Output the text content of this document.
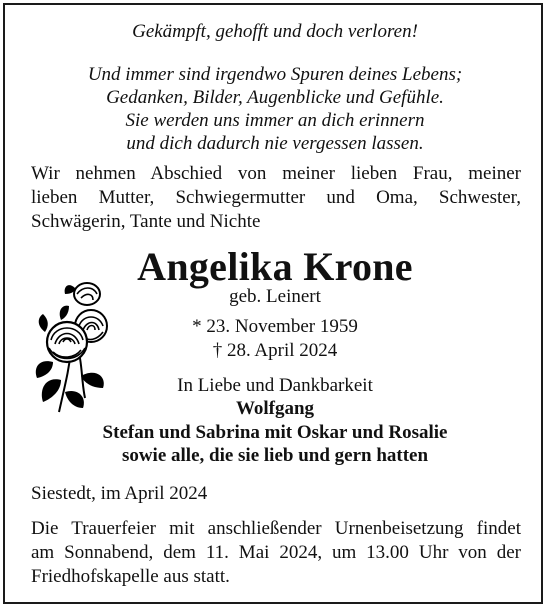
Gekämpft, gehofft und doch verloren!
Und immer sind irgendwo Spuren deines Lebens;
Gedanken, Bilder, Augenblicke und Gefühle.
Sie werden uns immer an dich erinnern
und dich dadurch nie vergessen lassen.
Wir nehmen Abschied von meiner lieben Frau, meiner
lieben Mutter, Schwiegermutter und Oma, Schwester,
Schwägerin, Tante und Nichte
Angelika Krone
geb. Leinert
* 23. November 1959
† 28. April 2024
In Liebe und Dankbarkeit
Wolfgang
Stefan und Sabrina mit Oskar und Rosalie
sowie alle, die sie lieb und gern hatten
Siestedt, im April 2024
Die Trauerfeier mit anschließender Urnenbeisetzung findet
am Sonnabend, dem 11. Mai 2024, um 13.00 Uhr von der
Friedhofskapelle aus statt.
